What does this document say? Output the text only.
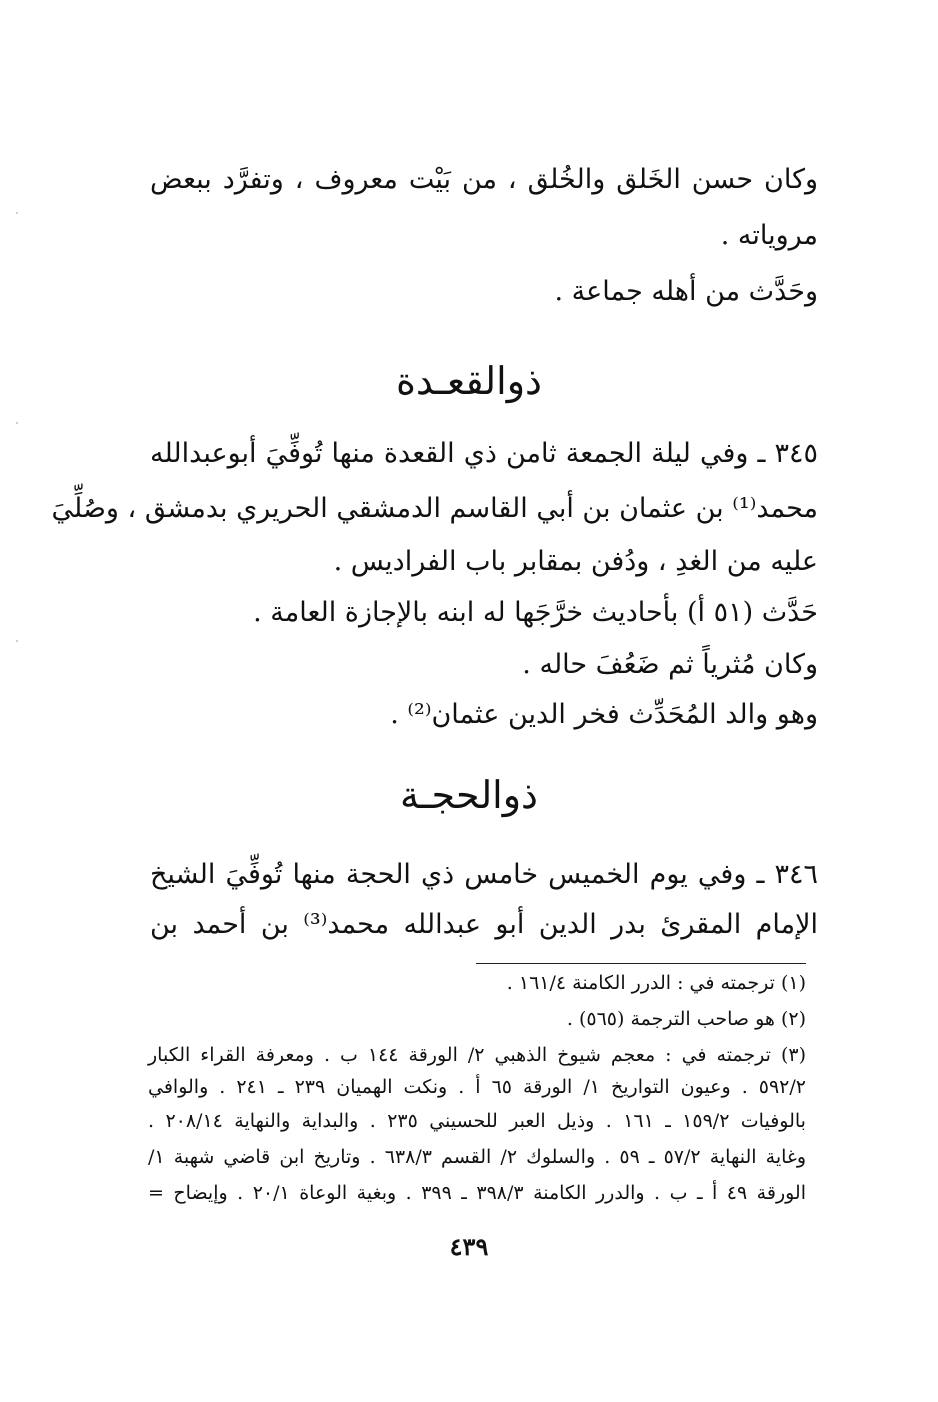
وكان حسن الخَلق والخُلق ، من بَيْت معروف ، وتفرَّد ببعض
مروياته .
وحَدَّث من أهله جماعة .
ذوالقعـدة
٣٤٥ ـ وفي ليلة الجمعة ثامن ذي القعدة منها تُوفِّيَ أبوعبدالله
محمد⁽¹⁾ بن عثمان بن أبي القاسم الدمشقي الحريري بدمشق ، وصُلِّيَ
عليه من الغدِ ، ودُفن بمقابر باب الفراديس .
حَدَّث (٥١ أ) بأحاديث خرَّجَها له ابنه بالإجازة العامة .
وكان مُثرياً ثم ضَعُفَ حاله .
وهو والد المُحَدِّث فخر الدين عثمان⁽²⁾ .
ذوالحجـة
٣٤٦ ـ وفي يوم الخميس خامس ذي الحجة منها تُوفِّيَ الشيخ
الإمام المقرئ بدر الدين أبو عبدالله محمد⁽³⁾ بن أحمد بن
(١) ترجمته في : الدرر الكامنة ١٦١/٤ .
(٢) هو صاحب الترجمة (٥٦٥) .
(٣) ترجمته في : معجم شيوخ الذهبي ٢/ الورقة ١٤٤ ب . ومعرفة القراء الكبار
٥٩٢/٢ . وعيون التواريخ ١/ الورقة ٦٥ أ . ونكت الهميان ٢٣٩ ـ ٢٤١ . والوافي
بالوفيات ١٥٩/٢ ـ ١٦١ . وذيل العبر للحسيني ٢٣٥ . والبداية والنهاية ٢٠٨/١٤ .
وغاية النهاية ٥٧/٢ ـ ٥٩ . والسلوك ٢/ القسم ٦٣٨/٣ . وتاريخ ابن قاضي شهبة ١/
الورقة ٤٩ أ ـ ب . والدرر الكامنة ٣٩٨/٣ ـ ٣٩٩ . وبغية الوعاة ٢٠/١ . وإيضاح =
٤٣٩
